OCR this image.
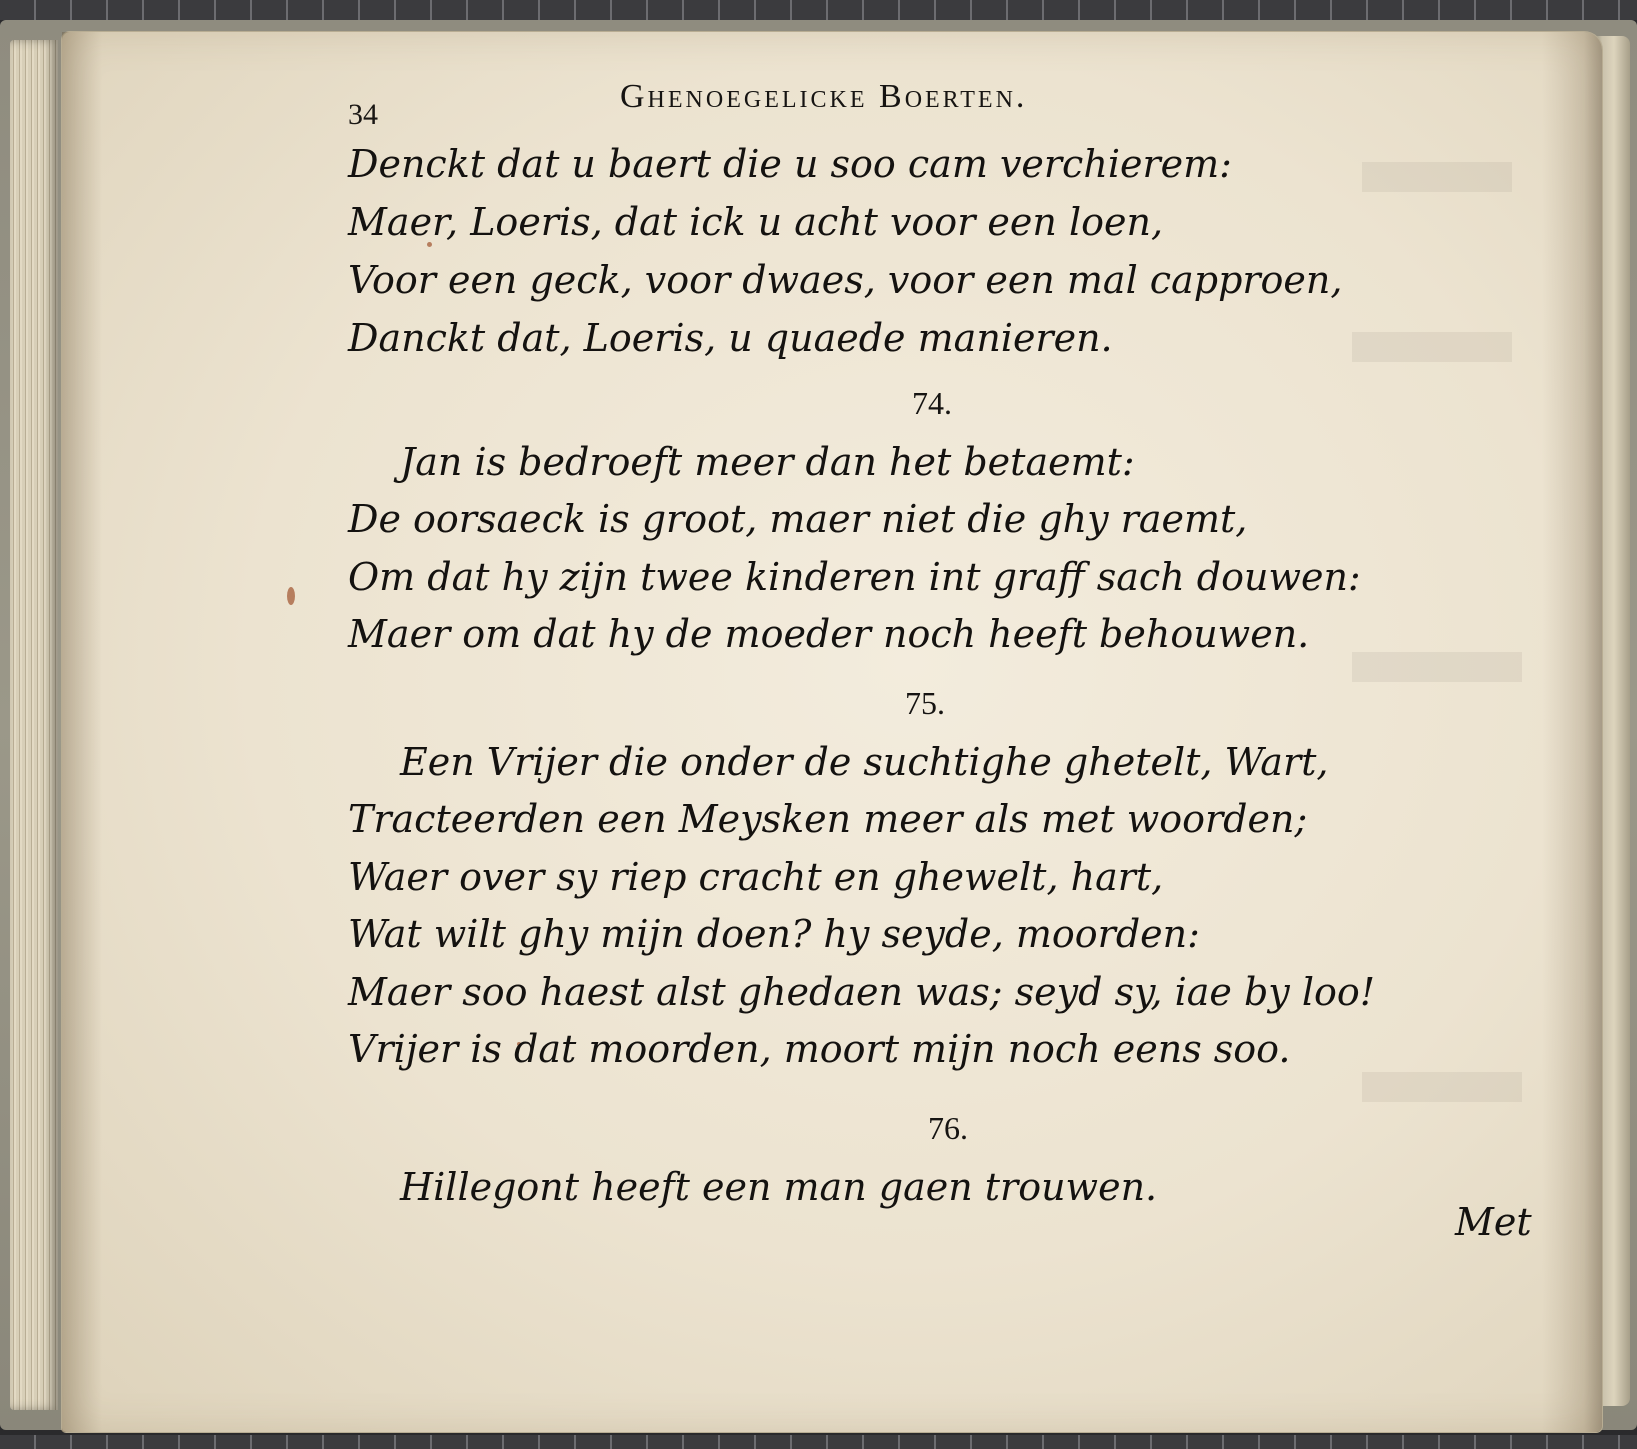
34	Ghenoegelicke Boerten.
Denckt dat u baert die u soo cam verchierem:
Maer, Loeris, dat ick u acht voor een loen,
Voor een geck, voor dwaes, voor een mal capproen,
Danckt dat, Loeris, u quaede manieren.
74.
Jan is bedroeft meer dan het betaemt:
De oorsaeck is groot, maer niet die ghy raemt,
Om dat hy zijn twee kinderen int graff sach douwen:
Maer om dat hy de moeder noch heeft behouwen.
75.
Een Vrijer die onder de suchtighe ghetelt, Wart,
Tracteerden een Meysken meer als met woorden;
Waer over sy riep cracht en ghewelt, hart,
Wat wilt ghy mijn doen? hy seyde, moorden:
Maer soo haest alst ghedaen was; seyd sy, iae by loo!
Vrijer is dat moorden, moort mijn noch eens soo.
76.
Hillegont heeft een man gaen trouwen.
Met
